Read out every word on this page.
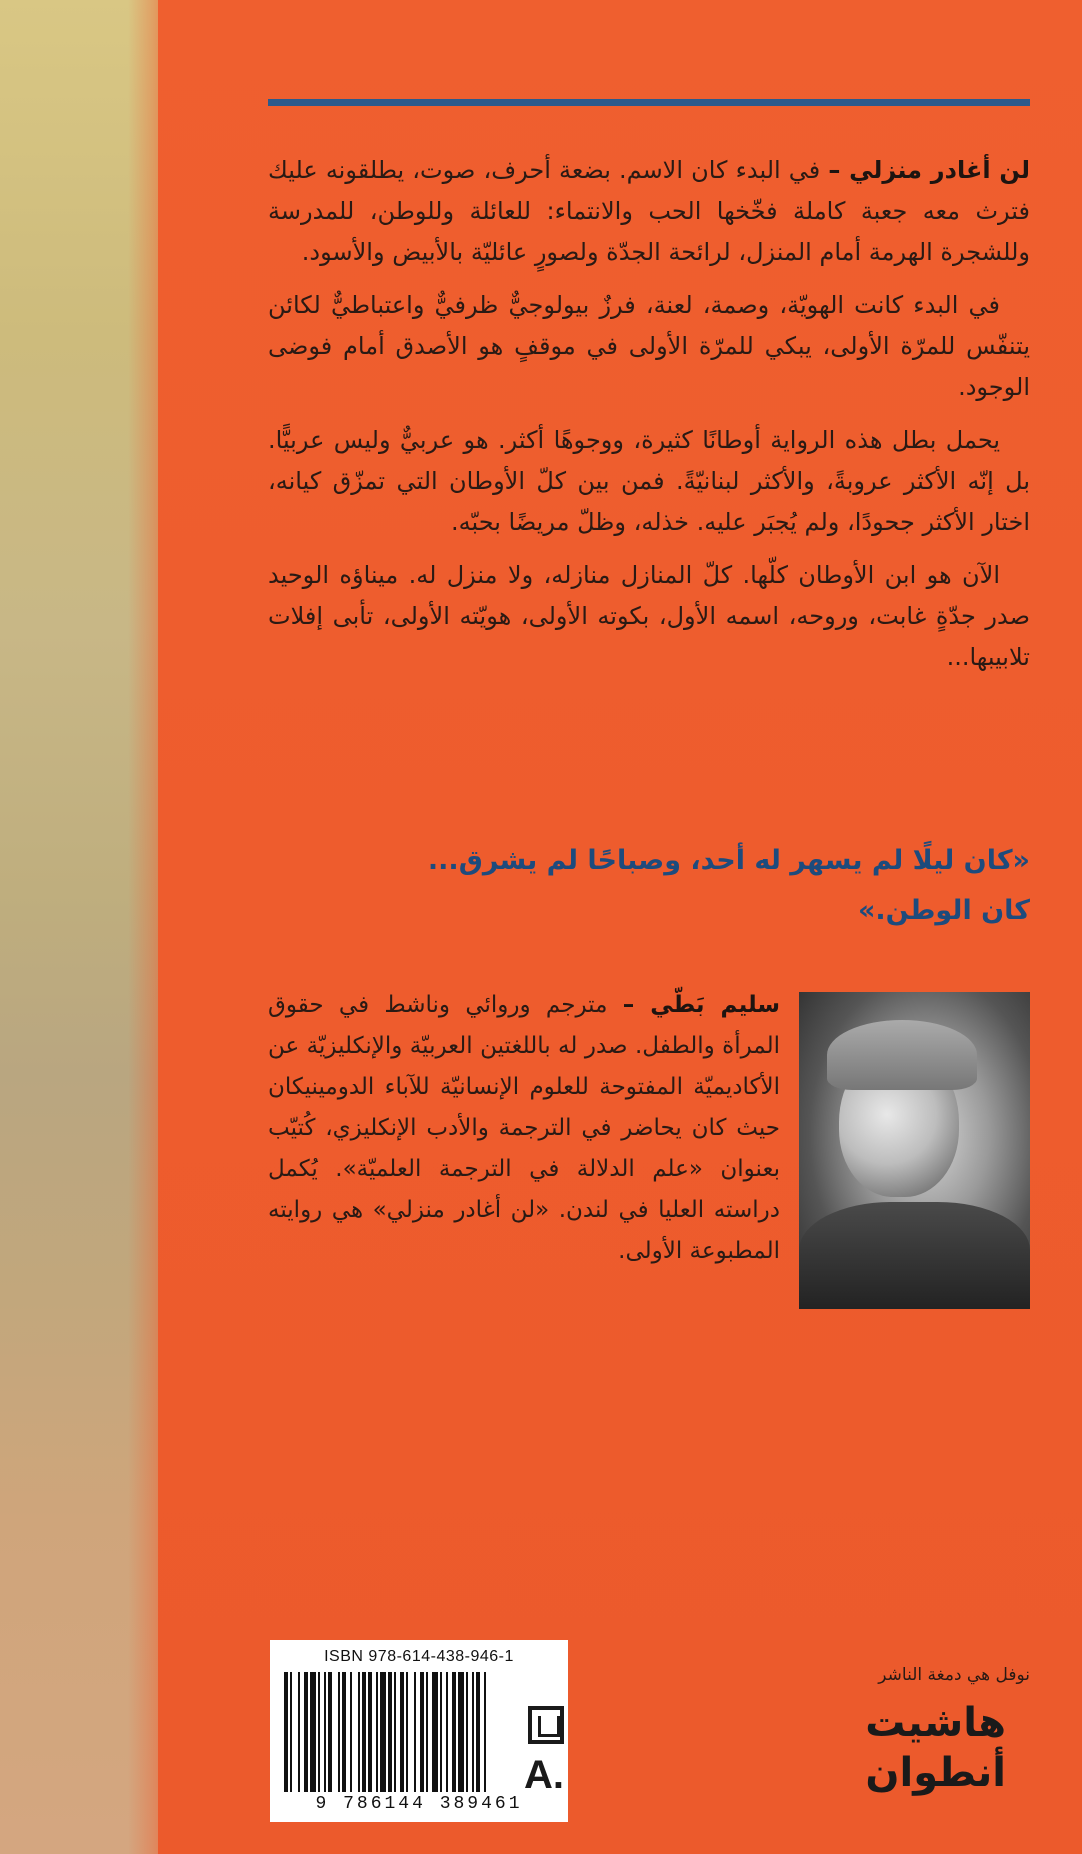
لن أغادر منزلي – في البدء كان الاسم. بضعة أحرف، صوت، يطلقونه عليك فترث معه جعبة كاملة فخّخها الحب والانتماء: للعائلة وللوطن، للمدرسة وللشجرة الهرمة أمام المنزل، لرائحة الجدّة ولصورٍ عائليّة بالأبيض والأسود.

في البدء كانت الهويّة، وصمة، لعنة، فرزٌ بيولوجيٌّ ظرفيٌّ واعتباطيٌّ لكائن يتنفّس للمرّة الأولى، يبكي للمرّة الأولى في موقفٍ هو الأصدق أمام فوضى الوجود.

يحمل بطل هذه الرواية أوطانًا كثيرة، ووجوهًا أكثر. هو عربيٌّ وليس عربيًّا. بل إنّه الأكثر عروبةً، والأكثر لبنانيّةً. فمن بين كلّ الأوطان التي تمزّق كيانه، اختار الأكثر جحودًا، ولم يُجبَر عليه. خذله، وظلّ مريضًا بحبّه.

الآن هو ابن الأوطان كلّها. كلّ المنازل منازله، ولا منزل له. ميناؤه الوحيد صدر جدّةٍ غابت، وروحه، اسمه الأول، بكوته الأولى، هويّته الأولى، تأبى إفلات تلابيبها...

«كان ليلًا لم يسهر له أحد، وصباحًا لم يشرق...
كان الوطن.»

سليم بَطّي – مترجم وروائي وناشط في حقوق المرأة والطفل. صدر له باللغتين العربيّة والإنكليزيّة عن الأكاديميّة المفتوحة للعلوم الإنسانيّة للآباء الدومينيكان حيث كان يحاضر في الترجمة والأدب الإنكليزي، كُتيّب بعنوان «علم الدلالة في الترجمة العلميّة». يُكمل دراسته العليا في لندن. «لن أغادر منزلي» هي روايته المطبوعة الأولى.

ISBN 978-614-438-946-1
9 786144 389461
نوفل هي دمغة الناشر
هاشيت
أنطوان
A.
